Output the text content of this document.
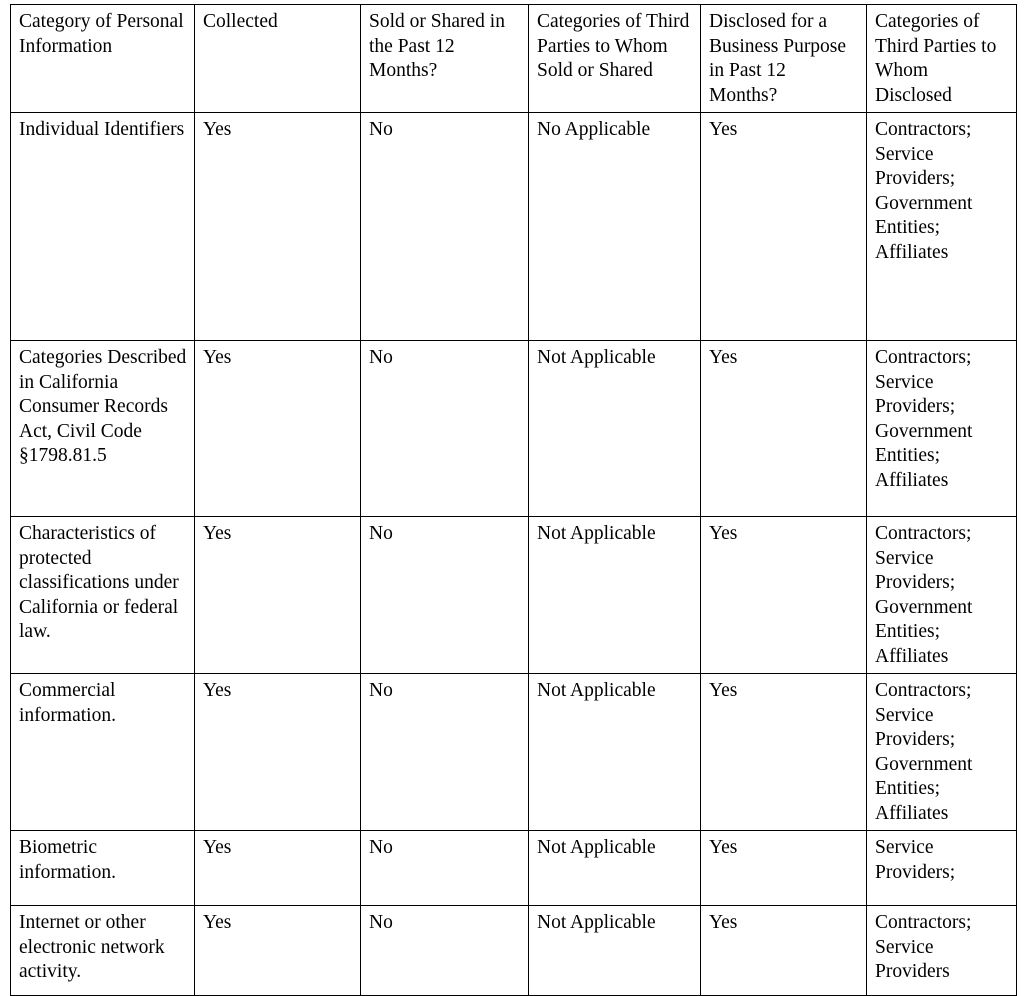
Category of Personal Information	Collected	Sold or Shared in the Past 12 Months?	Categories of Third Parties to Whom Sold or Shared	Disclosed for a Business Purpose in Past 12 Months?	Categories of Third Parties to Whom Disclosed

Individual Identifiers	Yes	No	No Applicable	Yes	Contractors; Service Providers; Government Entities; Affiliates

Categories Described in California Consumer Records Act, Civil Code §1798.81.5	Yes	No	Not Applicable	Yes	Contractors; Service Providers; Government Entities; Affiliates

Characteristics of protected classifications under California or federal law.	Yes	No	Not Applicable	Yes	Contractors; Service Providers; Government Entities; Affiliates

Commercial information.	Yes	No	Not Applicable	Yes	Contractors; Service Providers; Government Entities; Affiliates

Biometric information.	Yes	No	Not Applicable	Yes	Service Providers;

Internet or other electronic network activity.	Yes	No	Not Applicable	Yes	Contractors; Service Providers
